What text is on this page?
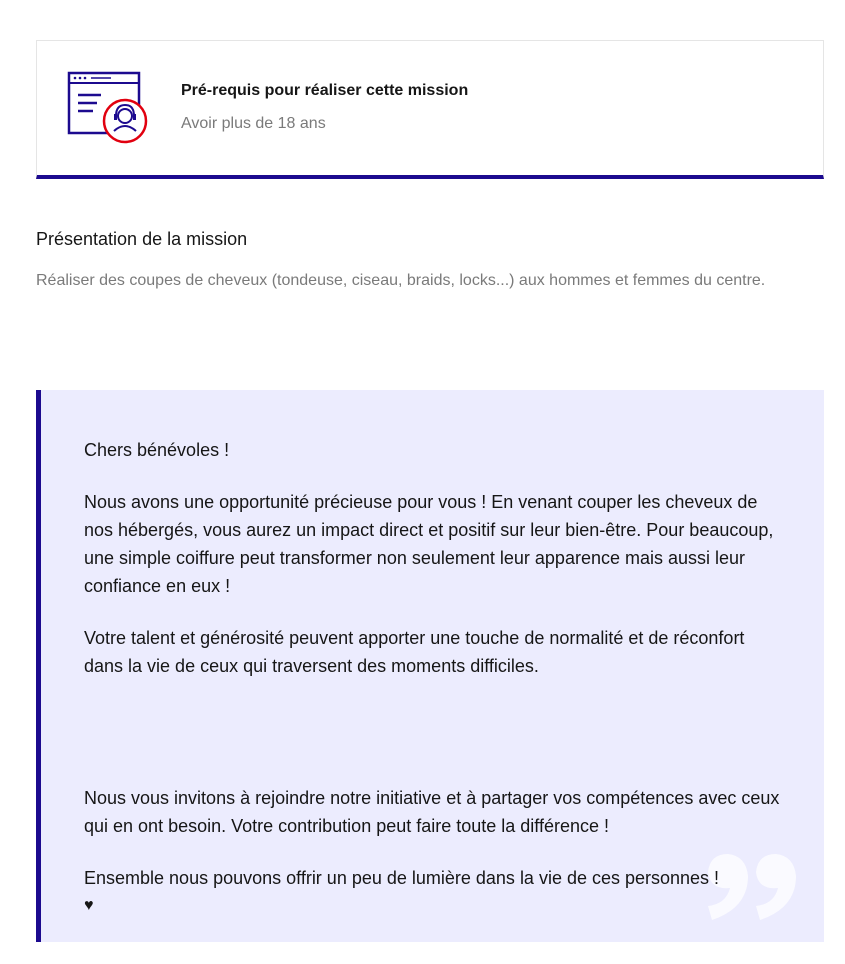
Pré-requis pour réaliser cette mission
Avoir plus de 18 ans
Présentation de la mission
Réaliser des coupes de cheveux (tondeuse, ciseau, braids, locks...) aux hommes et femmes du centre.

Chers bénévoles !

Nous avons une opportunité précieuse pour vous ! En venant couper les cheveux de nos hébergés, vous aurez un impact direct et positif sur leur bien-être. Pour beaucoup, une simple coiffure peut transformer non seulement leur apparence mais aussi leur confiance en eux !

Votre talent et générosité peuvent apporter une touche de normalité et de réconfort dans la vie de ceux qui traversent des moments difficiles.

Nous vous invitons à rejoindre notre initiative et à partager vos compétences avec ceux qui en ont besoin. Votre contribution peut faire toute la différence !

Ensemble nous pouvons offrir un peu de lumière dans la vie de ces personnes !

♥
